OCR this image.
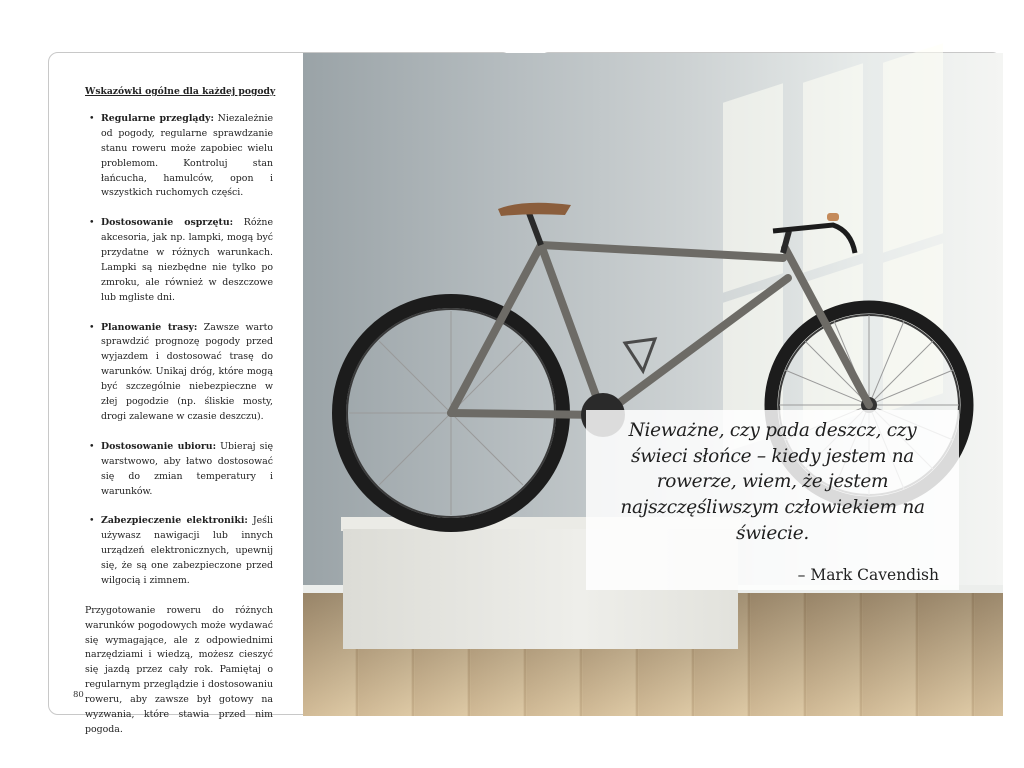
Wskazówki ogólne dla każdej pogody
• Regularne przeglądy: Niezależnie od pogody, regularne sprawdzanie stanu roweru może zapobiec wielu problemom. Kontroluj stan łańcucha, hamulców, opon i wszystkich ruchomych części.
• Dostosowanie osprzętu: Różne akcesoria, jak np. lampki, mogą być przydatne w różnych warunkach. Lampki są niezbędne nie tylko po zmroku, ale również w deszczowe lub mgliste dni.
• Planowanie trasy: Zawsze warto sprawdzić prognozę pogody przed wyjazdem i dostosować trasę do warunków. Unikaj dróg, które mogą być szczególnie niebezpieczne w złej pogodzie (np. śliskie mosty, drogi zalewane w czasie deszczu).
• Dostosowanie ubioru: Ubieraj się warstwowo, aby łatwo dostosować się do zmian temperatury i warunków.
• Zabezpieczenie elektroniki: Jeśli używasz nawigacji lub innych urządzeń elektronicznych, upewnij się, że są one zabezpieczone przed wilgocią i zimnem.

Przygotowanie roweru do różnych warunków pogodowych może wydawać się wymagające, ale z odpowiednimi narzędziami i wiedzą, możesz cieszyć się jazdą przez cały rok. Pamiętaj o regularnym przeglądzie i dostosowaniu roweru, aby zawsze był gotowy na wyzwania, które stawia przed nim pogoda.

80

Nieważne, czy pada deszcz, czy świeci słońce – kiedy jestem na rowerze, wiem, że jestem najszczęśliwszym człowiekiem na świecie.

– Mark Cavendish
